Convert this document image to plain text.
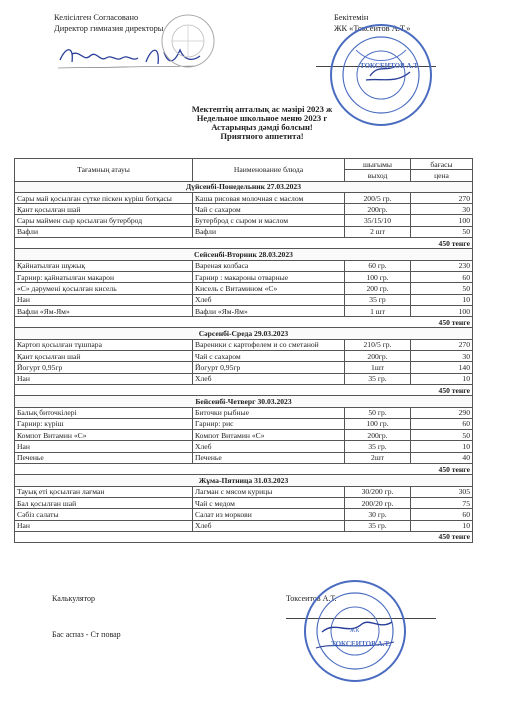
Келісілген Согласовано
Директор гимназия директоры
Бекітемін
ЖК «Токсеитов А.Т.»
ТОКСЕИТОВ А.Т.
Мектептің апталық ас мәзірі 2023 ж
Недельное школьное меню 2023 г
Астарыңыз дәмді болсын!
Приятного аппетита!
Тағамның атауы	Наименование блюда	шығымы	бағасы
		выход	цена
Дүйсенбі-Понедельник 27.03.2023			
Сары май қосылған сүтке піскен күріш ботқасы	Каша рисовая молочная с маслом	200/5 гр.	270
Қант қосылған шай	Чай с сахаром	200гр.	30
Сары маймен сыр қосылған бутерброд	Бутерброд с сыром и маслом	35/15/10	100
Вафли	Вафли	2 шт	50
450 тенге			
Сейсенбі-Вторник 28.03.2023			
Қайнатылған шұжық	Вареная колбаса	60 гр.	230
Гарнир: қайнатылған макарон	Гарнир : макароны отварные	100 гр.	60
«С» дәрумені қосылған кисель	Кисель с Витамином «С»	200 гр.	50
Нан	Хлеб	35 гр	10
Вафли «Ям-Ям»	Вафли «Ям-Ям»	1 шт	100
450 тенге			
Сәрсенбі-Среда 29.03.2023			
Картоп қосылған тұшпара	Вареники с картофелем и со сметаной	210/5 гр.	270
Қант қосылған шай	Чай с сахаром	200гр.	30
Йогурт 0,95гр	Йогурт 0,95гр	1шт	140
Нан	Хлеб	35 гр.	10
450 тенге			
Бейсенбі-Четверг 30.03.2023			
Балық биточкілері	Биточки рыбные	50 гр.	290
Гарнир: күріш	Гарнир: рис	100 гр.	60
Компот Витамин «С»	Компот Витамин «С»	200гр.	50
Нан	Хлеб	35 гр.	10
Печенье	Печенье	2шт	40
450 тенге			
Жұма-Пятница 31.03.2023			
Тауық еті қосылған лағман	Лагман с мясом курицы	30/200 гр.	305
Бал қосылған шай	Чай с медом	200/20 гр.	75
Сәбіз салаты	Салат из моркови	30 гр.	60
Нан	Хлеб	35 гр.	10
450 тенге			
Калькулятор
Бас аспаз - Ст повар
Токсеитов А.Т.
ТОКСЕИТОВ А.Т.
ЖК
